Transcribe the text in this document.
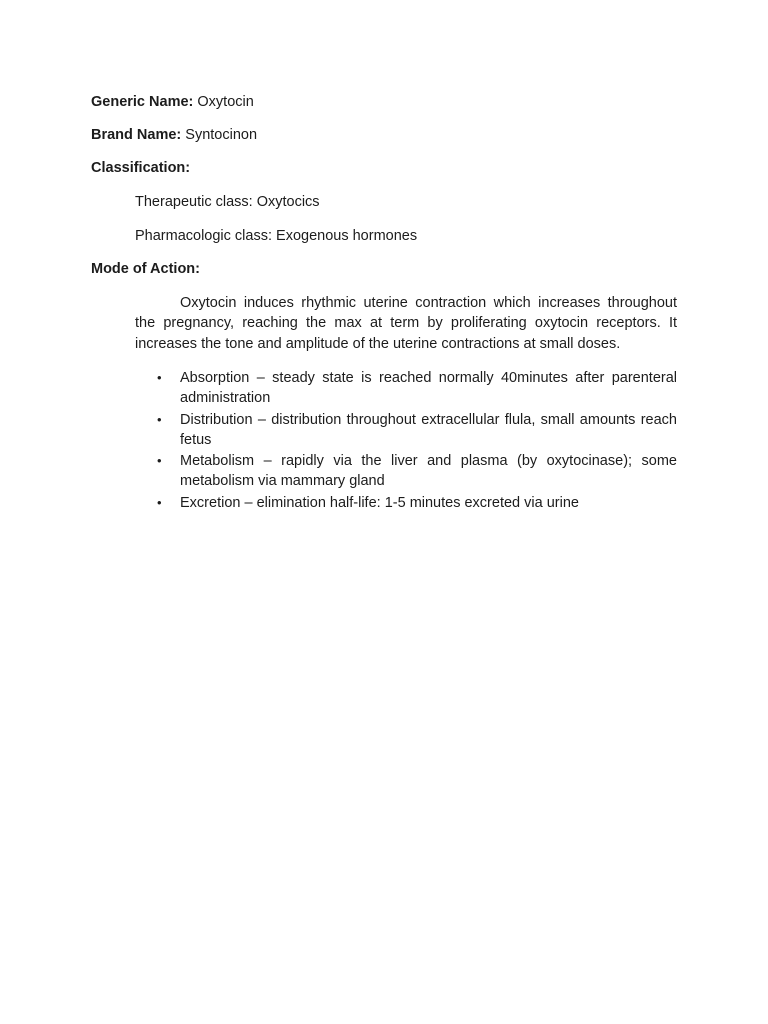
Generic Name: Oxytocin
Brand Name: Syntocinon
Classification:
Therapeutic class: Oxytocics
Pharmacologic class: Exogenous hormones
Mode of Action:
Oxytocin induces rhythmic uterine contraction which increases throughout the pregnancy, reaching the max at term by proliferating oxytocin receptors. It increases the tone and amplitude of the uterine contractions at small doses.
• Absorption – steady state is reached normally 40minutes after parenteral administration
• Distribution – distribution throughout extracellular flula, small amounts reach fetus
• Metabolism – rapidly via the liver and plasma (by oxytocinase); some metabolism via mammary gland
• Excretion – elimination half-life: 1-5 minutes excreted via urine
